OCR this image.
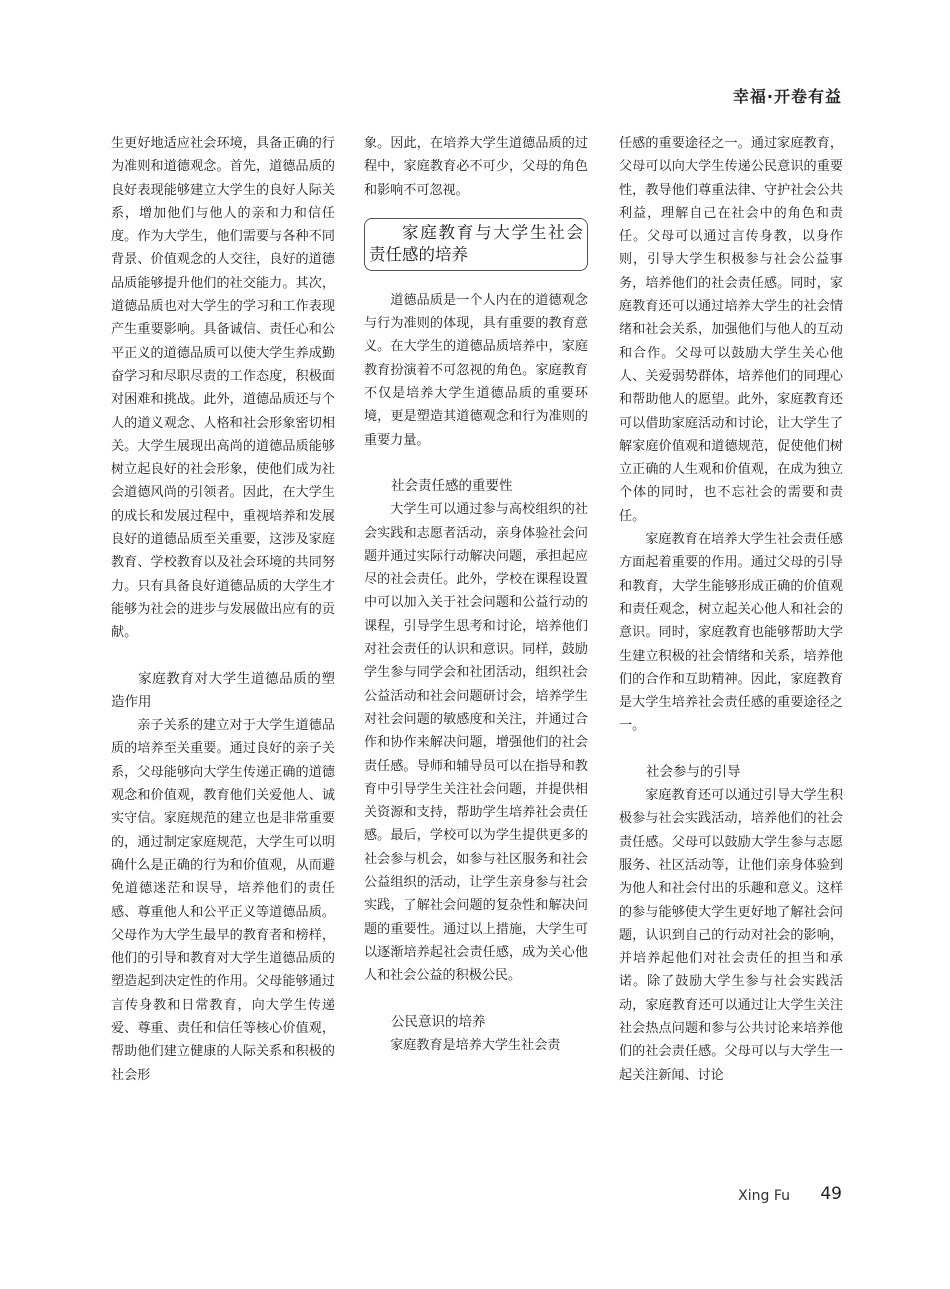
幸福·开卷有益

生更好地适应社会环境，具备正确的行为准则和道德观念。首先，道德品质的良好表现能够建立大学生的良好人际关系，增加他们与他人的亲和力和信任度。作为大学生，他们需要与各种不同背景、价值观念的人交往，良好的道德品质能够提升他们的社交能力。其次，道德品质也对大学生的学习和工作表现产生重要影响。具备诚信、责任心和公平正义的道德品质可以使大学生养成勤奋学习和尽职尽责的工作态度，积极面对困难和挑战。此外，道德品质还与个人的道义观念、人格和社会形象密切相关。大学生展现出高尚的道德品质能够树立起良好的社会形象，使他们成为社会道德风尚的引领者。因此，在大学生的成长和发展过程中，重视培养和发展良好的道德品质至关重要，这涉及家庭教育、学校教育以及社会环境的共同努力。只有具备良好道德品质的大学生才能够为社会的进步与发展做出应有的贡献。

家庭教育对大学生道德品质的塑造作用

亲子关系的建立对于大学生道德品质的培养至关重要。通过良好的亲子关系，父母能够向大学生传递正确的道德观念和价值观，教育他们关爱他人、诚实守信。家庭规范的建立也是非常重要的，通过制定家庭规范，大学生可以明确什么是正确的行为和价值观，从而避免道德迷茫和误导，培养他们的责任感、尊重他人和公平正义等道德品质。父母作为大学生最早的教育者和榜样，他们的引导和教育对大学生道德品质的塑造起到决定性的作用。父母能够通过言传身教和日常教育，向大学生传递爱、尊重、责任和信任等核心价值观，帮助他们建立健康的人际关系和积极的社会形

象。因此，在培养大学生道德品质的过程中，家庭教育必不可少，父母的角色和影响不可忽视。

家庭教育与大学生社会责任感的培养

道德品质是一个人内在的道德观念与行为准则的体现，具有重要的教育意义。在大学生的道德品质培养中，家庭教育扮演着不可忽视的角色。家庭教育不仅是培养大学生道德品质的重要环境，更是塑造其道德观念和行为准则的重要力量。

社会责任感的重要性

大学生可以通过参与高校组织的社会实践和志愿者活动，亲身体验社会问题并通过实际行动解决问题，承担起应尽的社会责任。此外，学校在课程设置中可以加入关于社会问题和公益行动的课程，引导学生思考和讨论，培养他们对社会责任的认识和意识。同样，鼓励学生参与同学会和社团活动，组织社会公益活动和社会问题研讨会，培养学生对社会问题的敏感度和关注，并通过合作和协作来解决问题，增强他们的社会责任感。导师和辅导员可以在指导和教育中引导学生关注社会问题，并提供相关资源和支持，帮助学生培养社会责任感。最后，学校可以为学生提供更多的社会参与机会，如参与社区服务和社会公益组织的活动，让学生亲身参与社会实践，了解社会问题的复杂性和解决问题的重要性。通过以上措施，大学生可以逐渐培养起社会责任感，成为关心他人和社会公益的积极公民。

公民意识的培养

家庭教育是培养大学生社会责

任感的重要途径之一。通过家庭教育，父母可以向大学生传递公民意识的重要性，教导他们尊重法律、守护社会公共利益，理解自己在社会中的角色和责任。父母可以通过言传身教，以身作则，引导大学生积极参与社会公益事务，培养他们的社会责任感。同时，家庭教育还可以通过培养大学生的社会情绪和社会关系，加强他们与他人的互动和合作。父母可以鼓励大学生关心他人、关爱弱势群体，培养他们的同理心和帮助他人的愿望。此外，家庭教育还可以借助家庭活动和讨论，让大学生了解家庭价值观和道德规范，促使他们树立正确的人生观和价值观，在成为独立个体的同时，也不忘社会的需要和责任。

家庭教育在培养大学生社会责任感方面起着重要的作用。通过父母的引导和教育，大学生能够形成正确的价值观和责任观念，树立起关心他人和社会的意识。同时，家庭教育也能够帮助大学生建立积极的社会情绪和关系，培养他们的合作和互助精神。因此，家庭教育是大学生培养社会责任感的重要途径之一。

社会参与的引导

家庭教育还可以通过引导大学生积极参与社会实践活动，培养他们的社会责任感。父母可以鼓励大学生参与志愿服务、社区活动等，让他们亲身体验到为他人和社会付出的乐趣和意义。这样的参与能够使大学生更好地了解社会问题，认识到自己的行动对社会的影响，并培养起他们对社会责任的担当和承诺。除了鼓励大学生参与社会实践活动，家庭教育还可以通过让大学生关注社会热点问题和参与公共讨论来培养他们的社会责任感。父母可以与大学生一起关注新闻、讨论

Xing Fu 49
